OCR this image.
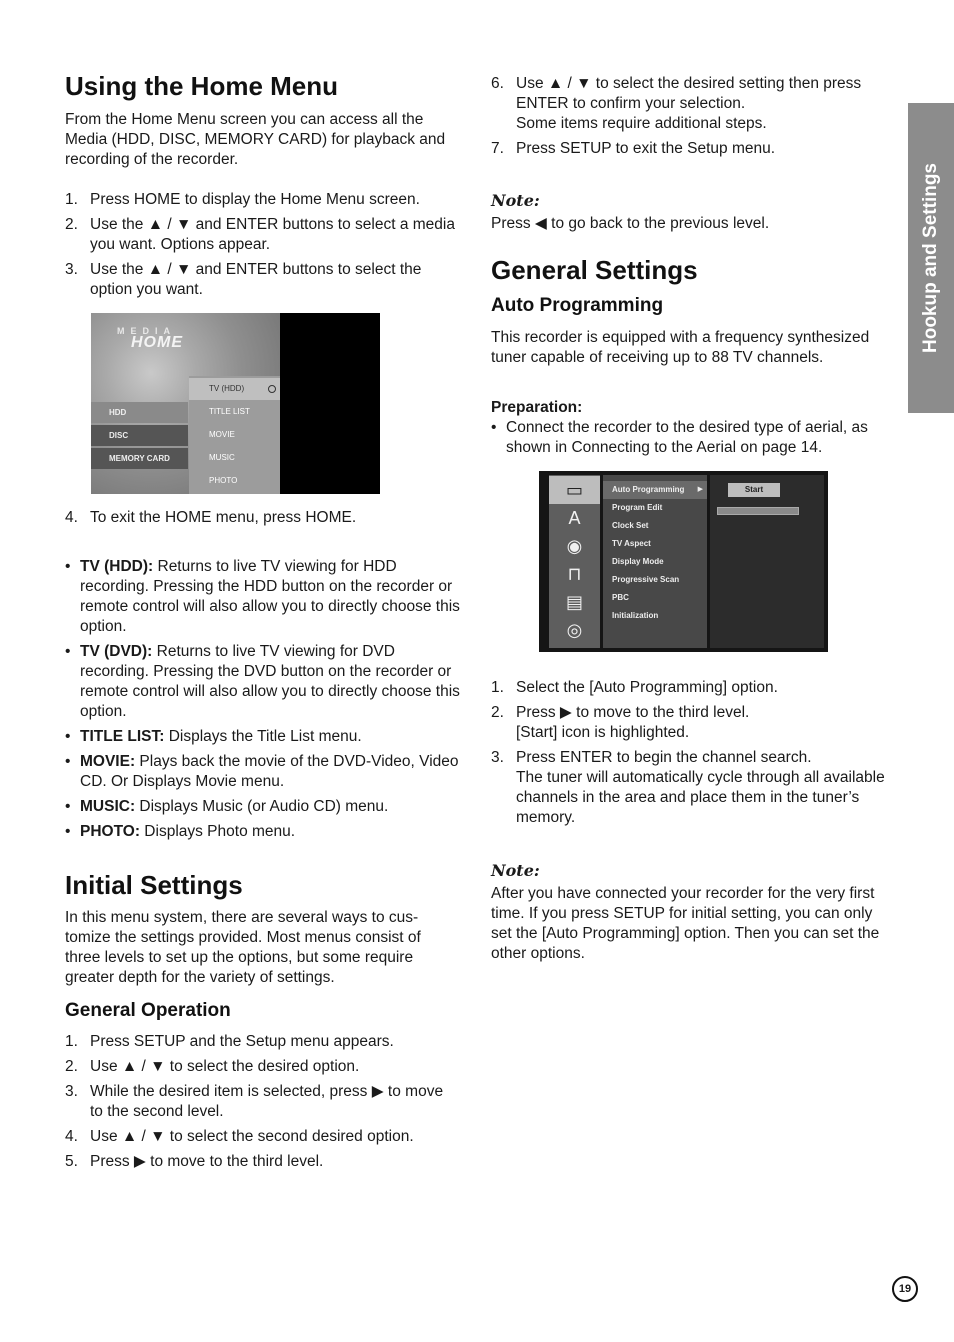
Using the Home Menu

From the Home Menu screen you can access all the Media (HDD, DISC, MEMORY CARD) for playback and recording of the recorder.

1. Press HOME to display the Home Menu screen.
2. Use the ▲ / ▼ and ENTER buttons to select a media you want. Options appear.
3. Use the ▲ / ▼ and ENTER buttons to select the option you want.
MEDIA
HOME
HDD
DISC
MEMORY CARD
TV (HDD)
TITLE LIST
MOVIE
MUSIC
PHOTO
4. To exit the HOME menu, press HOME.
• TV (HDD): Returns to live TV viewing for HDD recording. Pressing the HDD button on the recorder or remote control will also allow you to directly choose this option.
• TV (DVD): Returns to live TV viewing for DVD recording. Pressing the DVD button on the recorder or remote control will also allow you to directly choose this option.
• TITLE LIST: Displays the Title List menu.
• MOVIE: Plays back the movie of the DVD-Video, Video CD. Or Displays Movie menu.
• MUSIC: Displays Music (or Audio CD) menu.
• PHOTO: Displays Photo menu.
Initial Settings

In this menu system, there are several ways to cus- tomize the settings provided. Most menus consist of three levels to set up the options, but some require greater depth for the variety of settings.

General Operation
1. Press SETUP and the Setup menu appears.
2. Use ▲ / ▼ to select the desired option.
3. While the desired item is selected, press ▶ to move to the second level.
4. Use ▲ / ▼ to select the second desired option.
5. Press ▶ to move to the third level.
6. Use ▲ / ▼ to select the desired setting then press ENTER to confirm your selection.
Some items require additional steps.
7. Press SETUP to exit the Setup menu.
Note:

Press ◀ to go back to the previous level.

General Settings
Auto Programming

This recorder is equipped with a frequency synthesized tuner capable of receiving up to 88 TV channels.

Preparation:
• Connect the recorder to the desired type of aerial, as shown in Connecting to the Aerial on page 14.
▭
A
◉
⊓
▤
◎
Auto Programming ▶
Program Edit
Clock Set
TV Aspect
Display Mode
Progressive Scan
PBC
Initialization
Start
1. Select the [Auto Programming] option.
2. Press ▶ to move to the third level.
[Start] icon is highlighted.
3. Press ENTER to begin the channel search.
The tuner will automatically cycle through all available channels in the area and place them in the tuner’s memory.
Note:

After you have connected your recorder for the very first time. If you press SETUP for initial setting, you can only set the [Auto Programming] option. Then you can set the other options.

Hookup and Settings
19
